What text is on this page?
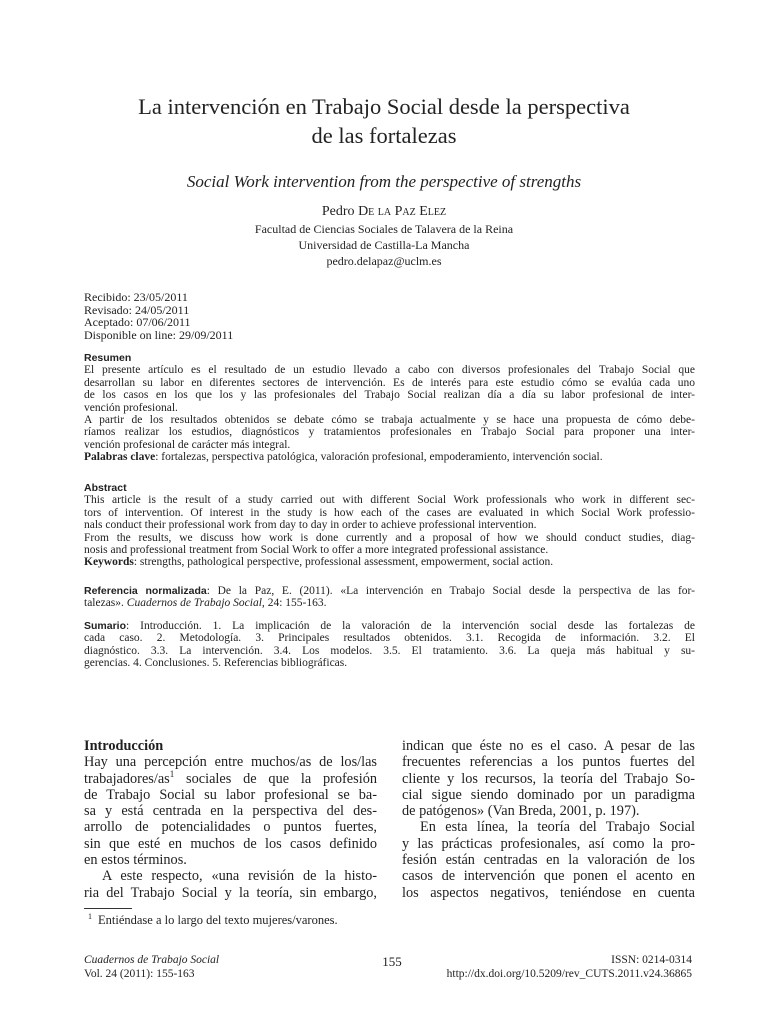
La intervención en Trabajo Social desde la perspectiva
de las fortalezas
Social Work intervention from the perspective of strengths
Pedro De la Paz Elez
Facultad de Ciencias Sociales de Talavera de la Reina
Universidad de Castilla-La Mancha
pedro.delapaz@uclm.es
Recibido: 23/05/2011
Revisado: 24/05/2011
Aceptado: 07/06/2011
Disponible on line: 29/09/2011
Resumen
El presente artículo es el resultado de un estudio llevado a cabo con diversos profesionales del Trabajo Social que
desarrollan su labor en diferentes sectores de intervención. Es de interés para este estudio cómo se evalúa cada uno
de los casos en los que los y las profesionales del Trabajo Social realizan día a día su labor profesional de inter-
vención profesional.
A partir de los resultados obtenidos se debate cómo se trabaja actualmente y se hace una propuesta de cómo debe-
ríamos realizar los estudios, diagnósticos y tratamientos profesionales en Trabajo Social para proponer una inter-
vención profesional de carácter más integral.
Palabras clave: fortalezas, perspectiva patológica, valoración profesional, empoderamiento, intervención social.
Abstract
This article is the result of a study carried out with different Social Work professionals who work in different sec-
tors of intervention. Of interest in the study is how each of the cases are evaluated in which Social Work professio-
nals conduct their professional work from day to day in order to achieve professional intervention.
From the results, we discuss how work is done currently and a proposal of how we should conduct studies, diag-
nosis and professional treatment from Social Work to offer a more integrated professional assistance.
Keywords: strengths, pathological perspective, professional assessment, empowerment, social action.
Referencia normalizada: De la Paz, E. (2011). «La intervención en Trabajo Social desde la perspectiva de las for-
talezas». Cuadernos de Trabajo Social, 24: 155-163.
Sumario: Introducción. 1. La implicación de la valoración de la intervención social desde las fortalezas de
cada caso. 2. Metodología. 3. Principales resultados obtenidos. 3.1. Recogida de información. 3.2. El
diagnóstico. 3.3. La intervención. 3.4. Los modelos. 3.5. El tratamiento. 3.6. La queja más habitual y su-
gerencias. 4. Conclusiones. 5. Referencias bibliográficas.
Introducción
Hay una percepción entre muchos/as de los/las
trabajadores/as$^1$ sociales de que la profesión
de Trabajo Social su labor profesional se ba-
sa y está centrada en la perspectiva del des-
arrollo de potencialidades o puntos fuertes,
sin que esté en muchos de los casos definido
en estos términos.
A este respecto, «una revisión de la histo-
ria del Trabajo Social y la teoría, sin embargo,
indican que éste no es el caso. A pesar de las
frecuentes referencias a los puntos fuertes del
cliente y los recursos, la teoría del Trabajo So-
cial sigue siendo dominado por un paradigma
de patógenos» (Van Breda, 2001, p. 197).
En esta línea, la teoría del Trabajo Social
y las prácticas profesionales, así como la pro-
fesión están centradas en la valoración de los
casos de intervención que ponen el acento en
los aspectos negativos, teniéndose en cuenta
$^1$ Entiéndase a lo largo del texto mujeres/varones.
Cuadernos de Trabajo Social
Vol. 24 (2011): 155-163
155	ISSN: 0214-0314
http://dx.doi.org/10.5209/rev_CUTS.2011.v24.36865
